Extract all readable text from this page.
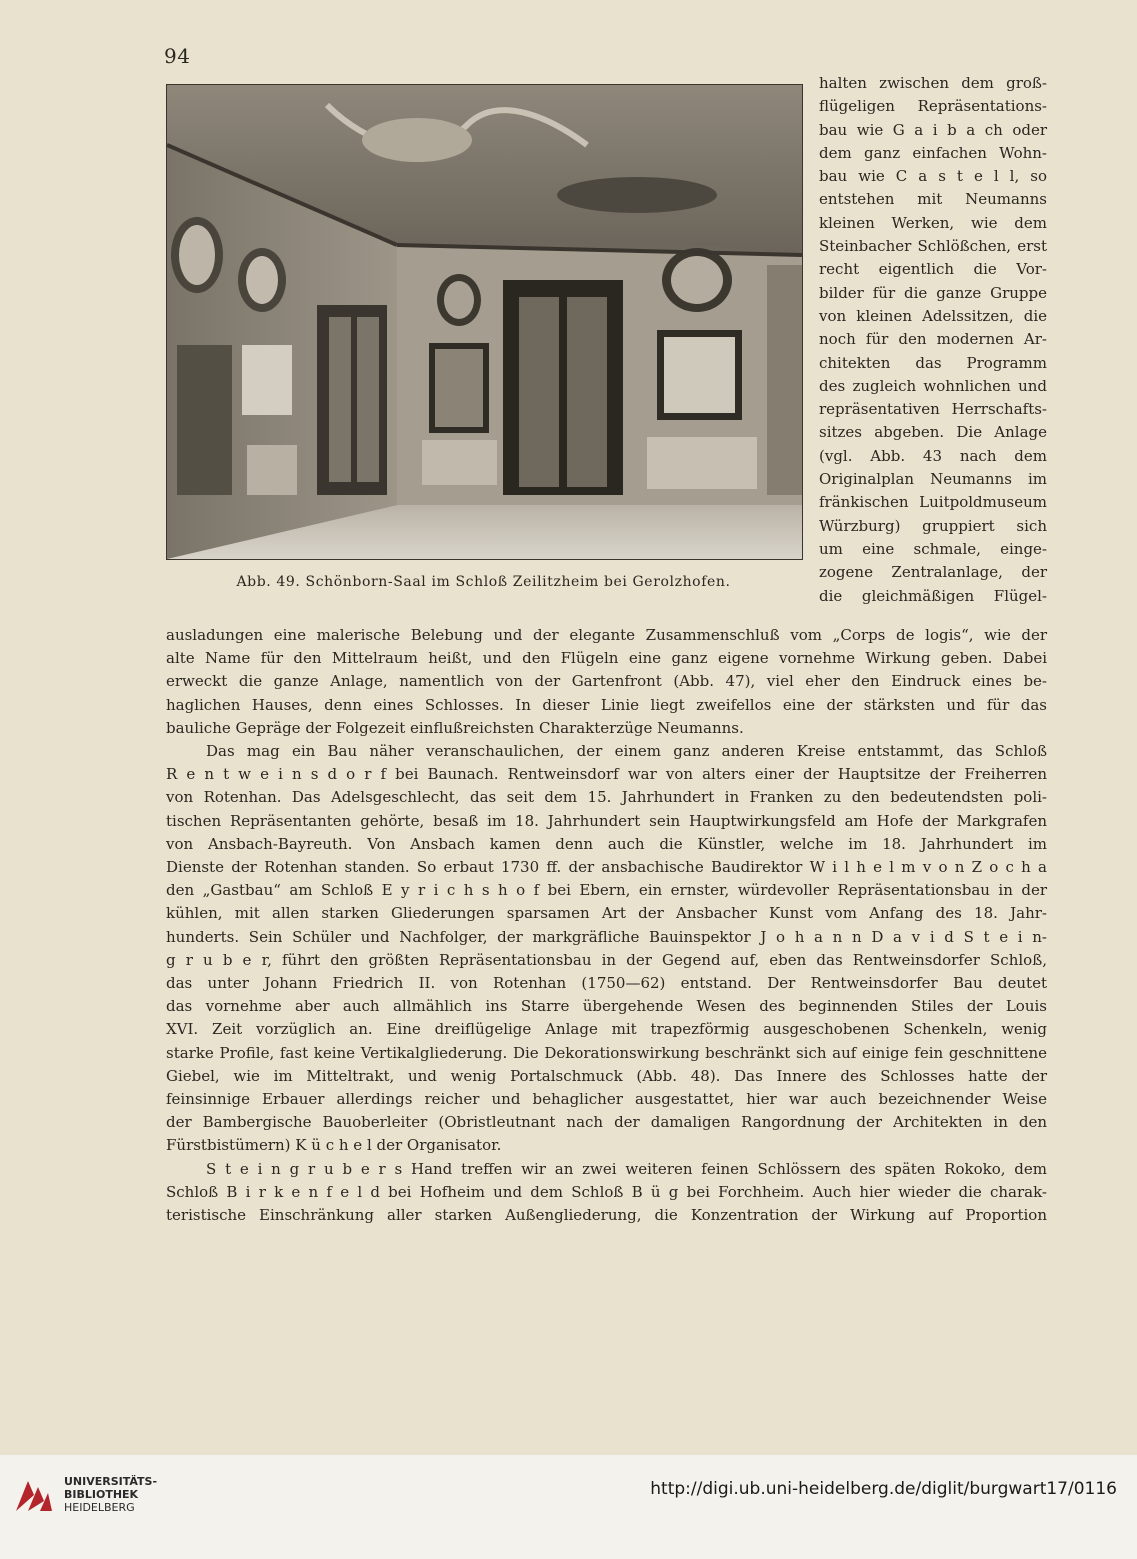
94
Abb. 49. Schönborn-Saal im Schloß Zeilitzheim bei Gerolzhofen.
halten zwischen dem groß-
flügeligen Repräsentations-
bau wie G a i b a ch oder
dem ganz einfachen Wohn-
bau wie C a s t e l l, so
entstehen mit Neumanns
kleinen Werken, wie dem
Steinbacher Schlößchen, erst
recht eigentlich die Vor-
bilder für die ganze Gruppe
von kleinen Adelssitzen, die
noch für den modernen Ar-
chitekten das Programm
des zugleich wohnlichen und
repräsentativen Herrschafts-
sitzes abgeben. Die Anlage
(vgl. Abb. 43 nach dem
Originalplan Neumanns im
fränkischen Luitpoldmuseum
Würzburg) gruppiert sich
um eine schmale, einge-
zogene Zentralanlage, der
die gleichmäßigen Flügel-
ausladungen eine malerische Belebung und der elegante Zusammenschluß vom „Corps de logis“, wie der
alte Name für den Mittelraum heißt, und den Flügeln eine ganz eigene vornehme Wirkung geben. Dabei
erweckt die ganze Anlage, namentlich von der Gartenfront (Abb. 47), viel eher den Eindruck eines be-
haglichen Hauses, denn eines Schlosses. In dieser Linie liegt zweifellos eine der stärksten und für das
bauliche Gepräge der Folgezeit einflußreichsten Charakterzüge Neumanns.
Das mag ein Bau näher veranschaulichen, der einem ganz anderen Kreise entstammt, das Schloß
R e n t w e i n s d o r f bei Baunach. Rentweinsdorf war von alters einer der Hauptsitze der Freiherren
von Rotenhan. Das Adelsgeschlecht, das seit dem 15. Jahrhundert in Franken zu den bedeutendsten poli-
tischen Repräsentanten gehörte, besaß im 18. Jahrhundert sein Hauptwirkungsfeld am Hofe der Markgrafen
von Ansbach-Bayreuth. Von Ansbach kamen denn auch die Künstler, welche im 18. Jahrhundert im
Dienste der Rotenhan standen. So erbaut 1730 ff. der ansbachische Baudirektor W i l h e l m v o n Z o c h a
den „Gastbau“ am Schloß E y r i c h s h o f bei Ebern, ein ernster, würdevoller Repräsentationsbau in der
kühlen, mit allen starken Gliederungen sparsamen Art der Ansbacher Kunst vom Anfang des 18. Jahr-
hunderts. Sein Schüler und Nachfolger, der markgräfliche Bauinspektor J o h a n n D a v i d S t e i n-
g r u b e r, führt den größten Repräsentationsbau in der Gegend auf, eben das Rentweinsdorfer Schloß,
das unter Johann Friedrich II. von Rotenhan (1750—62) entstand. Der Rentweinsdorfer Bau deutet
das vornehme aber auch allmählich ins Starre übergehende Wesen des beginnenden Stiles der Louis
XVI. Zeit vorzüglich an. Eine dreiflügelige Anlage mit trapezförmig ausgeschobenen Schenkeln, wenig
starke Profile, fast keine Vertikalgliederung. Die Dekorationswirkung beschränkt sich auf einige fein geschnittene
Giebel, wie im Mitteltrakt, und wenig Portalschmuck (Abb. 48). Das Innere des Schlosses hatte der
feinsinnige Erbauer allerdings reicher und behaglicher ausgestattet, hier war auch bezeichnender Weise
der Bambergische Bauoberleiter (Obristleutnant nach der damaligen Rangordnung der Architekten in den
Fürstbistümern) K ü c h e l der Organisator.
S t e i n g r u b e r s Hand treffen wir an zwei weiteren feinen Schlössern des späten Rokoko, dem
Schloß B i r k e n f e l d bei Hofheim und dem Schloß B ü g bei Forchheim. Auch hier wieder die charak-
teristische Einschränkung aller starken Außengliederung, die Konzentration der Wirkung auf Proportion
UNIVERSITÄTS-
BIBLIOTHEK
HEIDELBERG
http://digi.ub.uni-heidelberg.de/diglit/burgwart17/0116
